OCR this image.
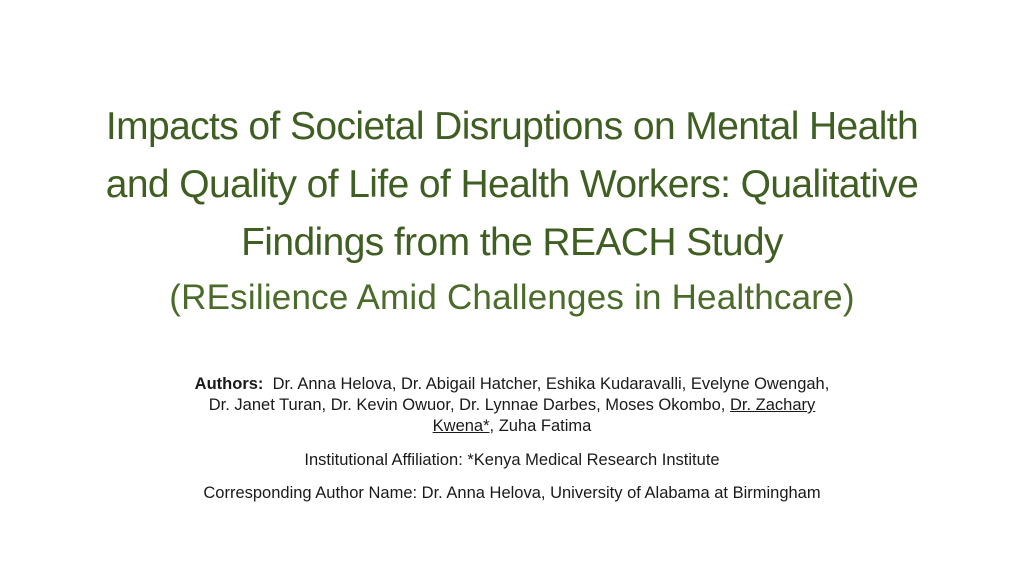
Impacts of Societal Disruptions on Mental Health
and Quality of Life of Health Workers: Qualitative
Findings from the REACH Study
(REsilience Amid Challenges in Healthcare)

Authors: Dr. Anna Helova, Dr. Abigail Hatcher, Eshika Kudaravalli, Evelyne Owengah,
Dr. Janet Turan, Dr. Kevin Owuor, Dr. Lynnae Darbes, Moses Okombo, Dr. Zachary
Kwena*, Zuha Fatima

Institutional Affiliation: *Kenya Medical Research Institute

Corresponding Author Name: Dr. Anna Helova, University of Alabama at Birmingham
